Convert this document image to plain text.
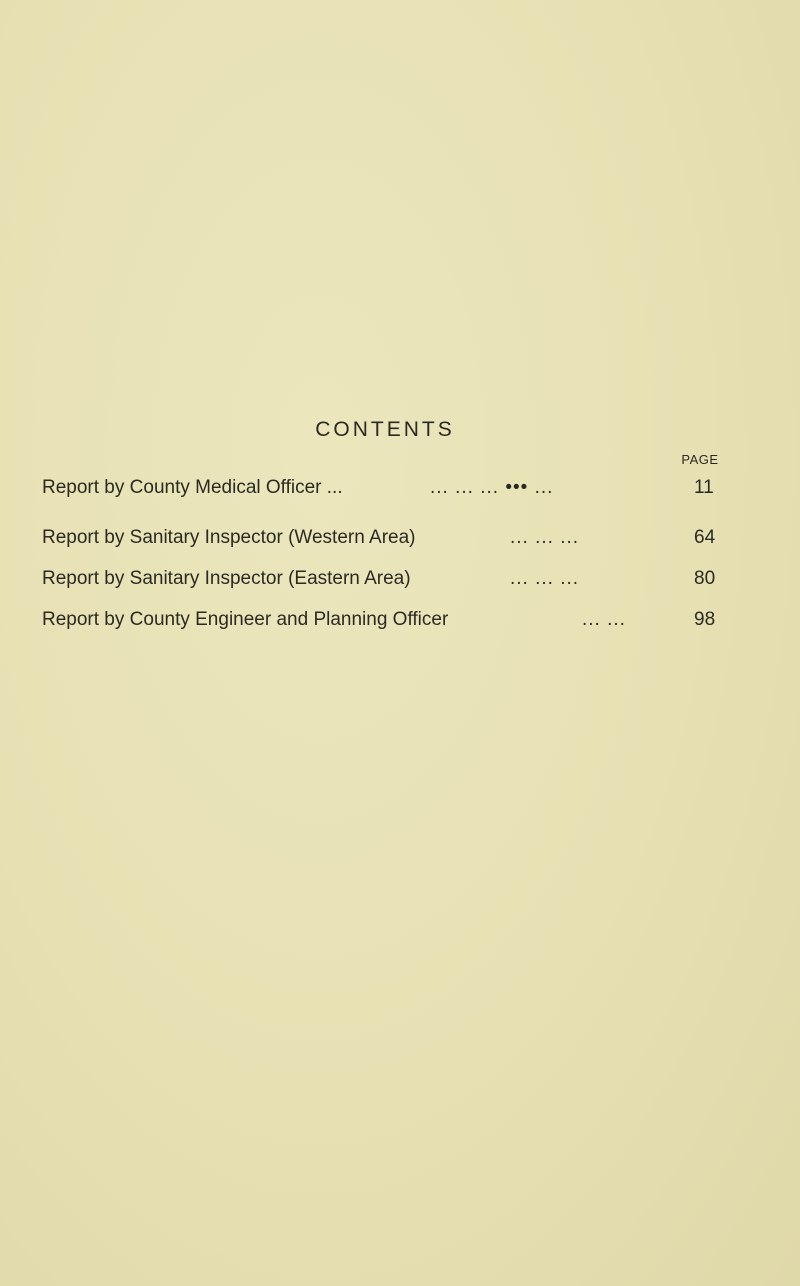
CONTENTS
PAGE
Report by County Medical Officer ...	... ... ... ••• ...	11
Report by Sanitary Inspector (Western Area)	... ... ...	64
Report by Sanitary Inspector (Eastern Area)	... ... ...	80
Report by County Engineer and Planning Officer	... ...	98
